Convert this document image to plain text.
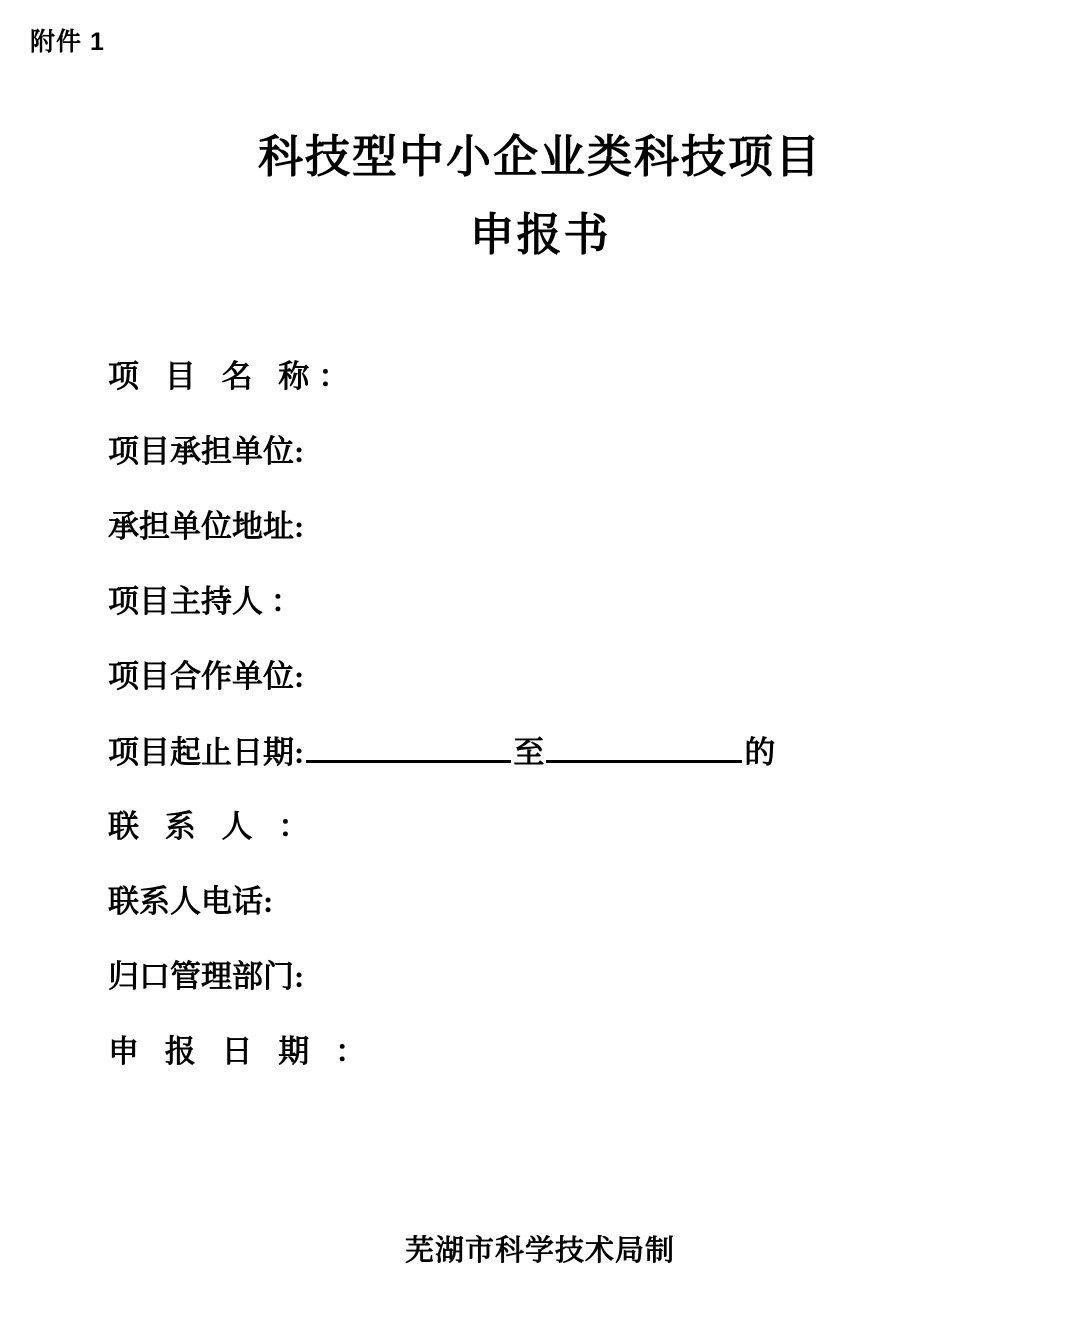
附件 1
科技型中小企业类科技项目
申报书
项 目 名 称：
项目承担单位:
承担单位地址:
项目主持人 ：
项目合作单位:
项目起止日期:	至	的
联 系 人 ：
联系人电话:
归口管理部门:
申 报 日 期 ：
芜湖市科学技术局制
